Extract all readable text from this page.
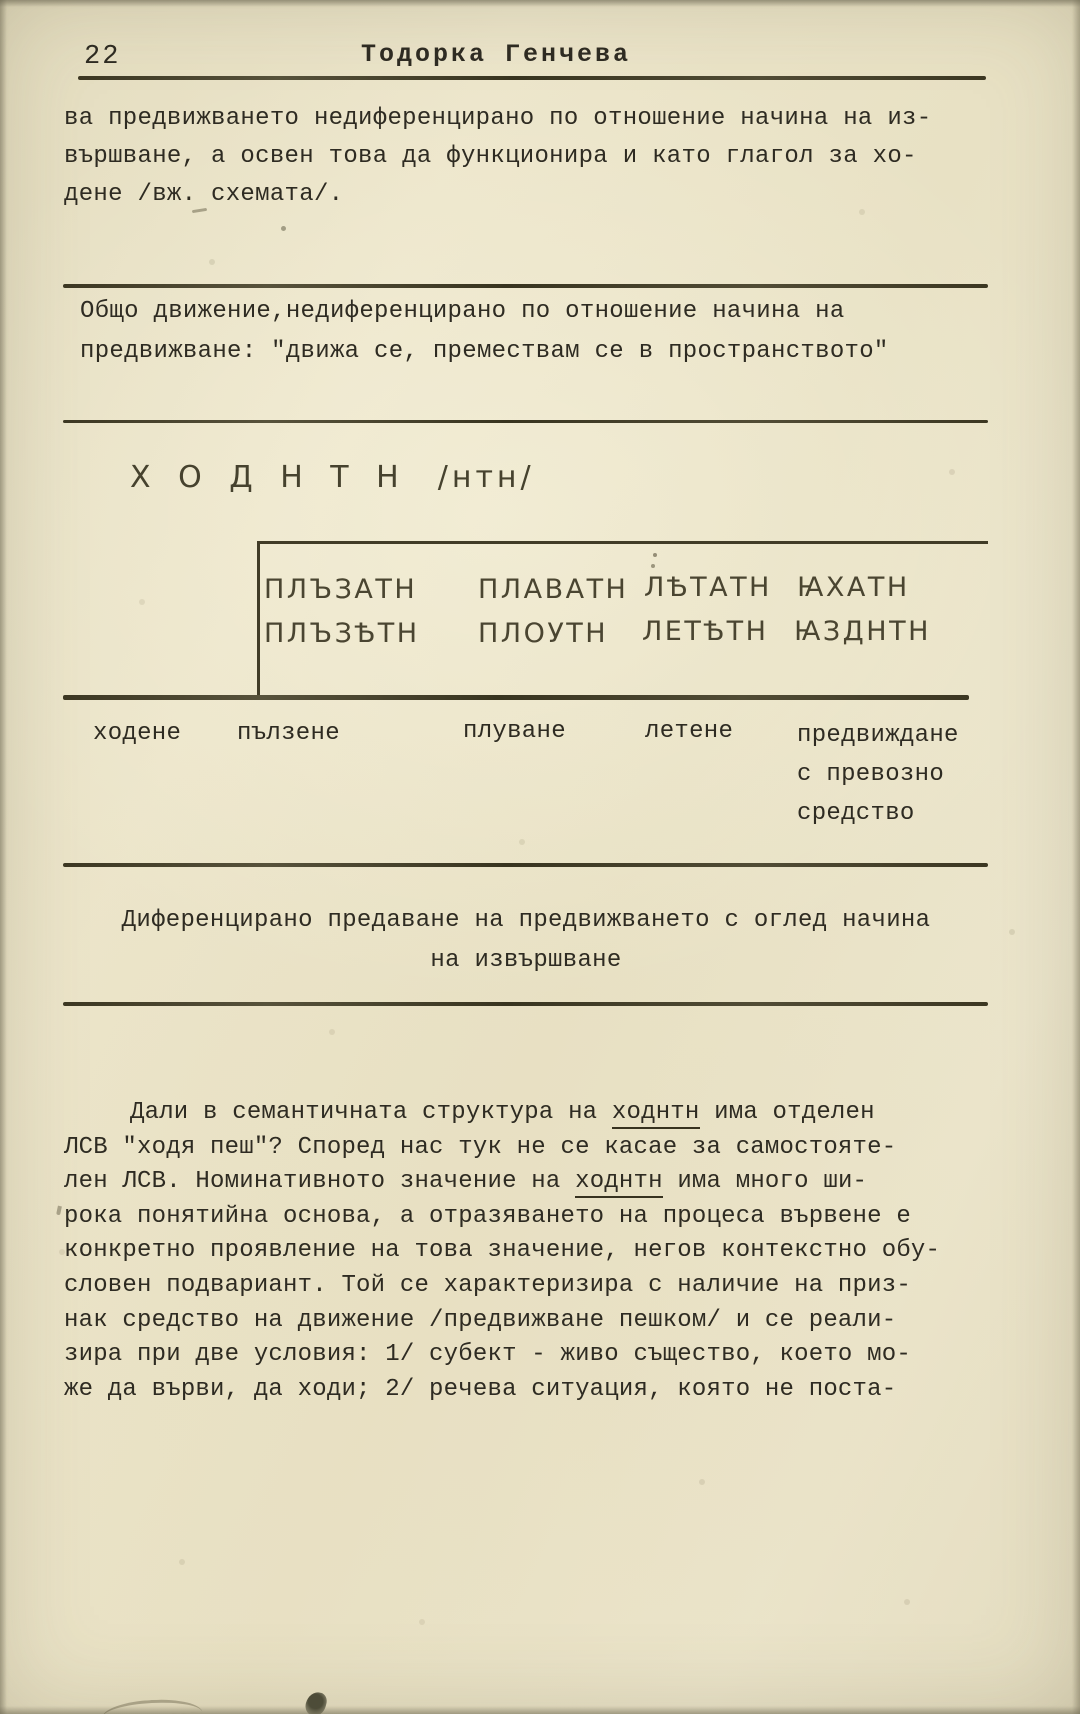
22	Тодорка Генчева
ва предвижването недиференцирано по отношение начина на из-
вършване, а освен това да функционира и като глагол за хо-
дене /вж. схемата/.
Общо движение,недиференцирано по отношение начина на
предвижване: "движа се, премествам се в пространството"
Х О Д Н Т Н /нтн/
ПЛЪЗАТН ПЛАВАТН ЛѢТАТН ꙖХАТН
ПЛЪЗѢТН ПЛОУТН ЛЕТѢТН ꙖЗДНТН
ходене пълзене	плуване	летене	предвиждане
с превозно
средство
Диференцирано предаване на предвижването с оглед начина
на извършване
Дали в семантичната структура на ходнтн има отделен
ЛСВ "ходя пеш"? Според нас тук не се касае за самостояте-
лен ЛСВ. Номинативното значение на ходнтн има много ши-
рока понятийна основа, а отразяването на процеса вървене е
конкретно проявление на това значение, негов контекстно обу-
словен подвариант. Той се характеризира с наличие на приз-
нак средство на движение /предвижване пешком/ и се реали-
зира при две условия: 1/ субект - живо същество, което мо-
же да върви, да ходи; 2/ речева ситуация, която не поста-
